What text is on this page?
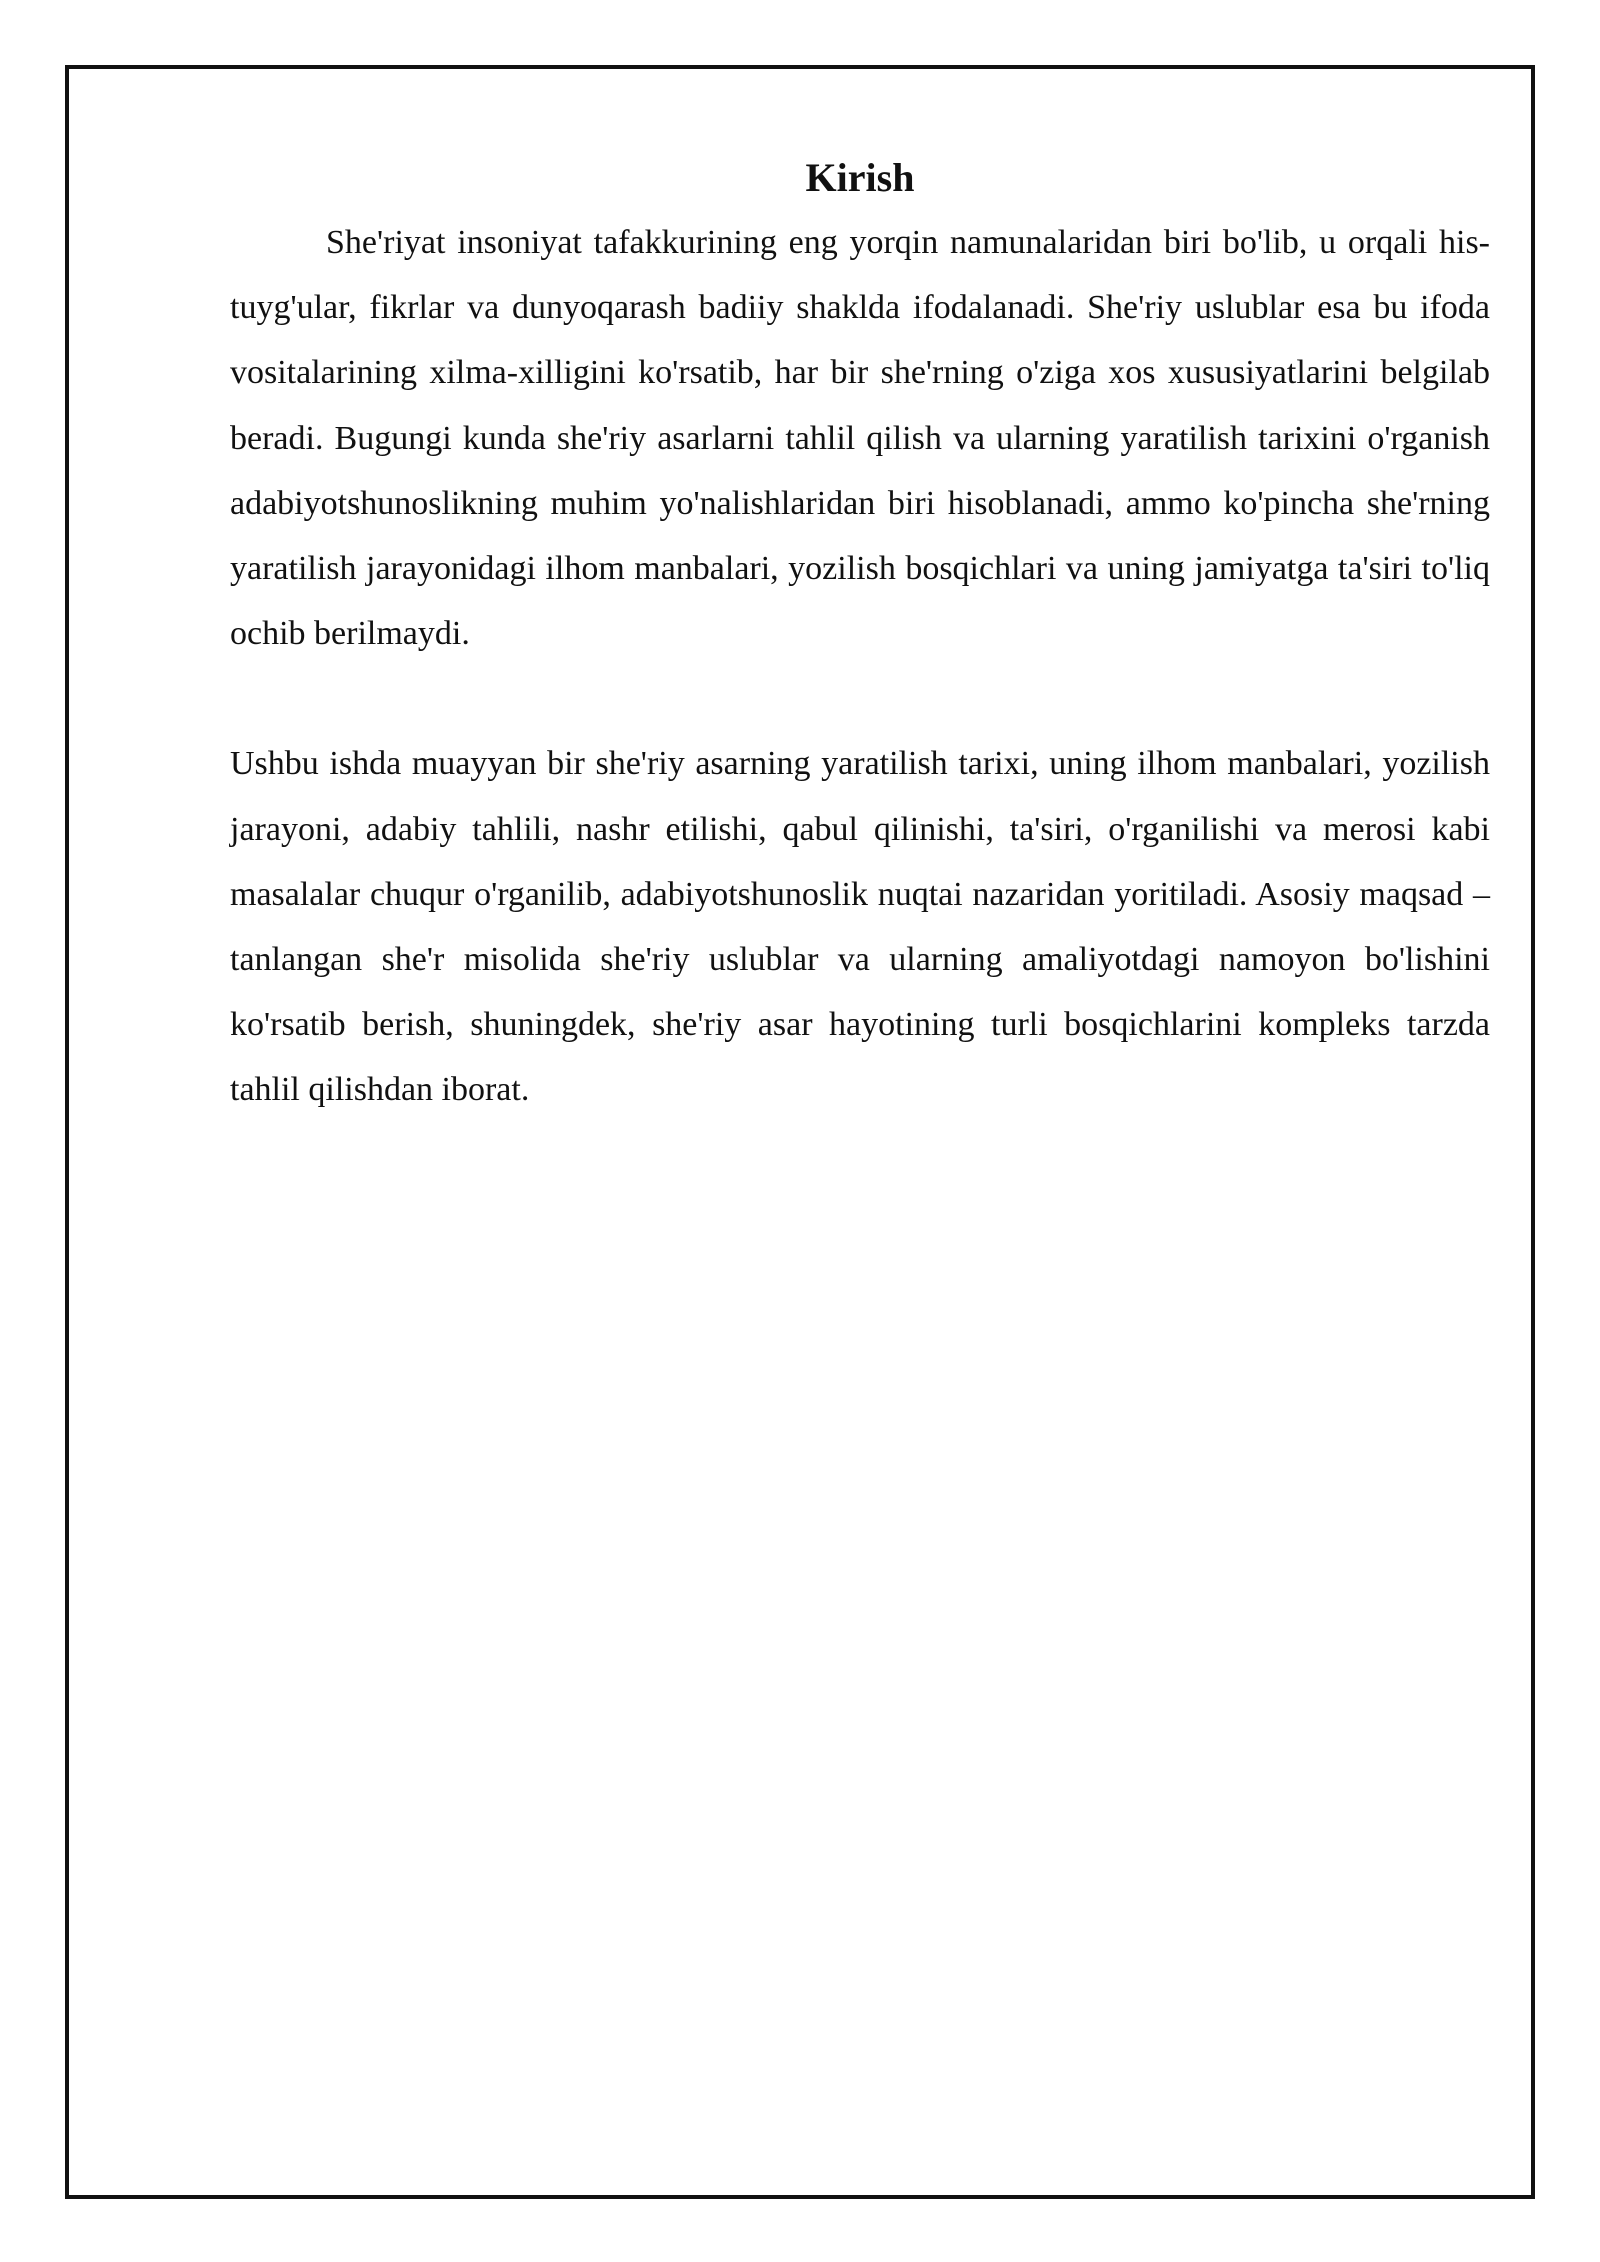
Kirish

She'riyat insoniyat tafakkurining eng yorqin namunalaridan biri bo'lib, u orqali his-tuyg'ular, fikrlar va dunyoqarash badiiy shaklda ifodalanadi. She'riy uslublar esa bu ifoda vositalarining xilma-xilligini ko'rsatib, har bir she'rning o'ziga xos xususiyatlarini belgilab beradi. Bugungi kunda she'riy asarlarni tahlil qilish va ularning yaratilish tarixini o'rganish adabiyotshunoslikning muhim yo'nalishlaridan biri hisoblanadi, ammo ko'pincha she'rning yaratilish jarayonidagi ilhom manbalari, yozilish bosqichlari va uning jamiyatga ta'siri to'liq ochib berilmaydi.

Ushbu ishda muayyan bir she'riy asarning yaratilish tarixi, uning ilhom manbalari, yozilish jarayoni, adabiy tahlili, nashr etilishi, qabul qilinishi, ta'siri, o'rganilishi va merosi kabi masalalar chuqur o'rganilib, adabiyotshunoslik nuqtai nazaridan yoritiladi. Asosiy maqsad – tanlangan she'r misolida she'riy uslublar va ularning amaliyotdagi namoyon bo'lishini ko'rsatib berish, shuningdek, she'riy asar hayotining turli bosqichlarini kompleks tarzda tahlil qilishdan iborat.
